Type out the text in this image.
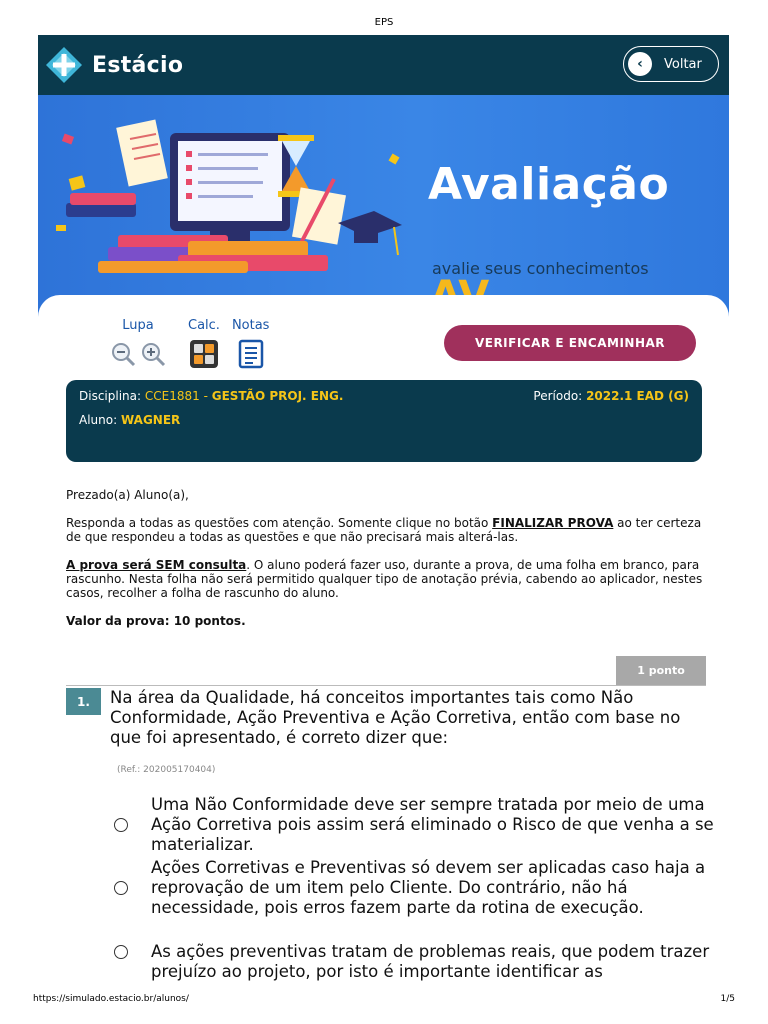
EPS
Estácio	‹	Voltar
Avaliação
avalie seus conhecimentos
Lupa	Calc. Notas
VERIFICAR E ENCAMINHAR
Disciplina: CCE1881 - GESTÃO PROJ. ENG.	Período: 2022.1 EAD (G)
Aluno: WAGNER

Prezado(a) Aluno(a),

Responda a todas as questões com atenção. Somente clique no botão FINALIZAR PROVA ao ter certeza de que respondeu a todas as questões e que não precisará mais alterá-las.

A prova será SEM consulta. O aluno poderá fazer uso, durante a prova, de uma folha em branco, para rascunho. Nesta folha não será permitido qualquer tipo de anotação prévia, cabendo ao aplicador, nestes casos, recolher a folha de rascunho do aluno.

Valor da prova: 10 pontos.

1 ponto
1.	Na área da Qualidade, há conceitos importantes tais como Não Conformidade, Ação Preventiva e Ação Corretiva, então com base no que foi apresentado, é correto dizer que:
(Ref.: 202005170404)
Uma Não Conformidade deve ser sempre tratada por meio de uma Ação Corretiva pois assim será eliminado o Risco de que venha a se materializar.
Ações Corretivas e Preventivas só devem ser aplicadas caso haja a reprovação de um item pelo Cliente. Do contrário, não há necessidade, pois erros fazem parte da rotina de execução.
As ações preventivas tratam de problemas reais, que podem trazer prejuízo ao projeto, por isto é importante identificar as
https://simulado.estacio.br/alunos/	1/5
